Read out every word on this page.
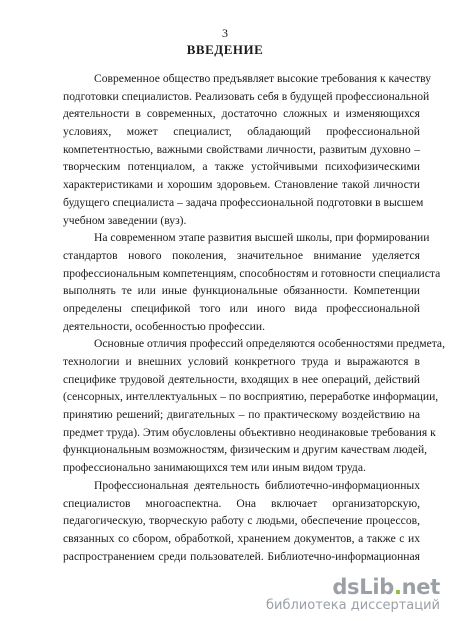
3
ВВЕДЕНИЕ

Современное общество предъявляет высокие требования к качеству
подготовки специалистов. Реализовать себя в будущей профессиональной
деятельности в современных, достаточно сложных и изменяющихся
условиях, может специалист, обладающий профессиональной
компетентностью, важными свойствами личности, развитым духовно –
творческим потенциалом, а также устойчивыми психофизическими
характеристиками и хорошим здоровьем. Становление такой личности
будущего специалиста – задача профессиональной подготовки в высшем
учебном заведении (вуз).

На современном этапе развития высшей школы, при формировании
стандартов нового поколения, значительное внимание уделяется
профессиональным компетенциям, способностям и готовности специалиста
выполнять те или иные функциональные обязанности. Компетенции
определены спецификой того или иного вида профессиональной
деятельности, особенностью профессии.

Основные отличия профессий определяются особенностями предмета,
технологии и внешних условий конкретного труда и выражаются в
специфике трудовой деятельности, входящих в нее операций, действий
(сенсорных, интеллектуальных – по восприятию, переработке информации,
принятию решений; двигательных – по практическому воздействию на
предмет труда). Этим обусловлены объективно неодинаковые требования к
функциональным возможностям, физическим и другим качествам людей,
профессионально занимающихся тем или иным видом труда.

Профессиональная деятельность библиотечно-информационных
специалистов многоаспектна. Она включает организаторскую,
педагогическую, творческую работу с людьми, обеспечение процессов,
связанных со сбором, обработкой, хранением документов, а также с их
распространением среди пользователей. Библиотечно-информационная

dsLib.net
библиотека диссертаций
